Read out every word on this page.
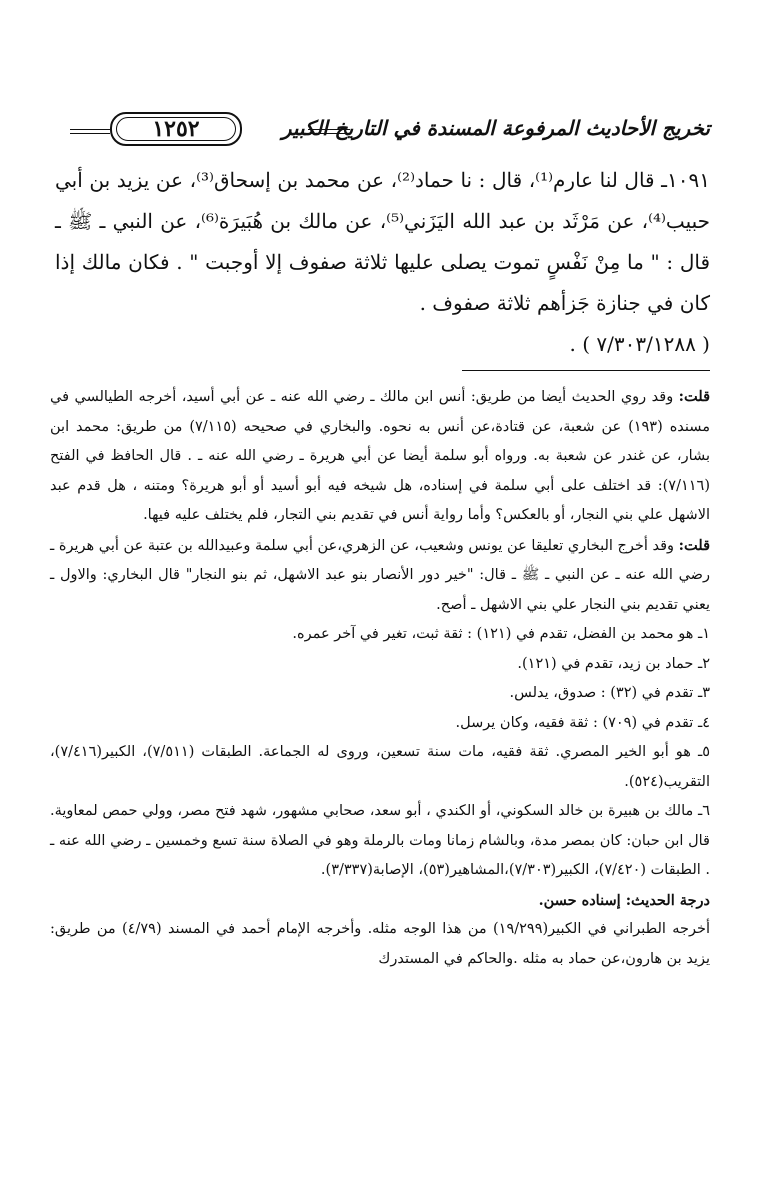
تخريج الأحاديث المرفوعة المسندة في التاريخ الكبير
١٢٥٢

١٠٩١ـ قال لنا عارم⁽¹⁾، قال : نا حماد⁽²⁾، عن محمد بن إسحاق⁽³⁾، عن يزيد بن أبي حبيب⁽⁴⁾، عن مَرْثَد بن عبد الله اليَزَني⁽⁵⁾، عن مالك بن هُبَيرَة⁽⁶⁾، عن النبي ـ ﷺ ـ قال : " ما مِنْ نَفْسٍ تموت يصلى عليها ثلاثة صفوف إلا أوجبت " . فكان مالك إذا كان في جنازة جَزأهم ثلاثة صفوف .

( ٧/٣٠٣/١٢٨٨ ) .

قلت: وقد روي الحديث أيضا من طريق: أنس ابن مالك ـ رضي الله عنه ـ عن أبي أسيد، أخرجه الطيالسي في مسنده (١٩٣) عن شعبة، عن قتادة،عن أنس به نحوه. والبخاري في صحيحه (٧/١١٥) من طريق: محمد ابن بشار، عن غندر عن شعبة به. ورواه أبو سلمة أيضا عن أبي هريرة ـ رضي الله عنه ـ . قال الحافظ في الفتح (٧/١١٦): قد اختلف على أبي سلمة في إسناده، هل شيخه فيه أبو أسيد أو أبو هريرة؟ ومتنه ، هل قدم عبد الاشهل علي بني النجار، أو بالعكس؟ وأما رواية أنس في تقديم بني التجار، فلم يختلف عليه فيها.

قلت: وقد أخرج البخاري تعليقا عن يونس وشعيب، عن الزهري،عن أبي سلمة وعبيدالله بن عتبة عن أبي هريرة ـ رضي الله عنه ـ عن النبي ـ ﷺ ـ قال: "خير دور الأنصار بنو عبد الاشهل، ثم بنو النجار" قال البخاري: والاول ـ يعني تقديم بني النجار علي بني الاشهل ـ أصح.

١ـ هو محمد بن الفضل، تقدم في (١٢١) : ثقة ثبت، تغير في آخر عمره.
٢ـ حماد بن زيد، تقدم في (١٢١).
٣ـ تقدم في (٣٢) : صدوق، يدلس.
٤ـ تقدم في (٧٠٩) : ثقة فقيه، وكان يرسل.
٥ـ هو أبو الخير المصري. ثقة فقيه، مات سنة تسعين، وروى له الجماعة. الطبقات (٧/٥١١)، الكبير(٧/٤١٦)، التقريب(٥٢٤).
٦ـ مالك بن هبيرة بن خالد السكوني، أو الكندي ، أبو سعد، صحابي مشهور، شهد فتح مصر، وولي حمص لمعاوية. قال ابن حبان: كان بمصر مدة، وبالشام زمانا ومات بالرملة وهو في الصلاة سنة تسع وخمسين ـ رضي الله عنه ـ . الطبقات (٧/٤٢٠)، الكبير(٧/٣٠٣)،المشاهير(٥٣)، الإصابة(٣/٣٣٧).
درجة الحديث: إسناده حسن.

أخرجه الطبراني في الكبير(١٩/٢٩٩) من هذا الوجه مثله. وأخرجه الإمام أحمد في المسند (٤/٧٩) من طريق: يزيد بن هارون،عن حماد به مثله .والحاكم في المستدرك
